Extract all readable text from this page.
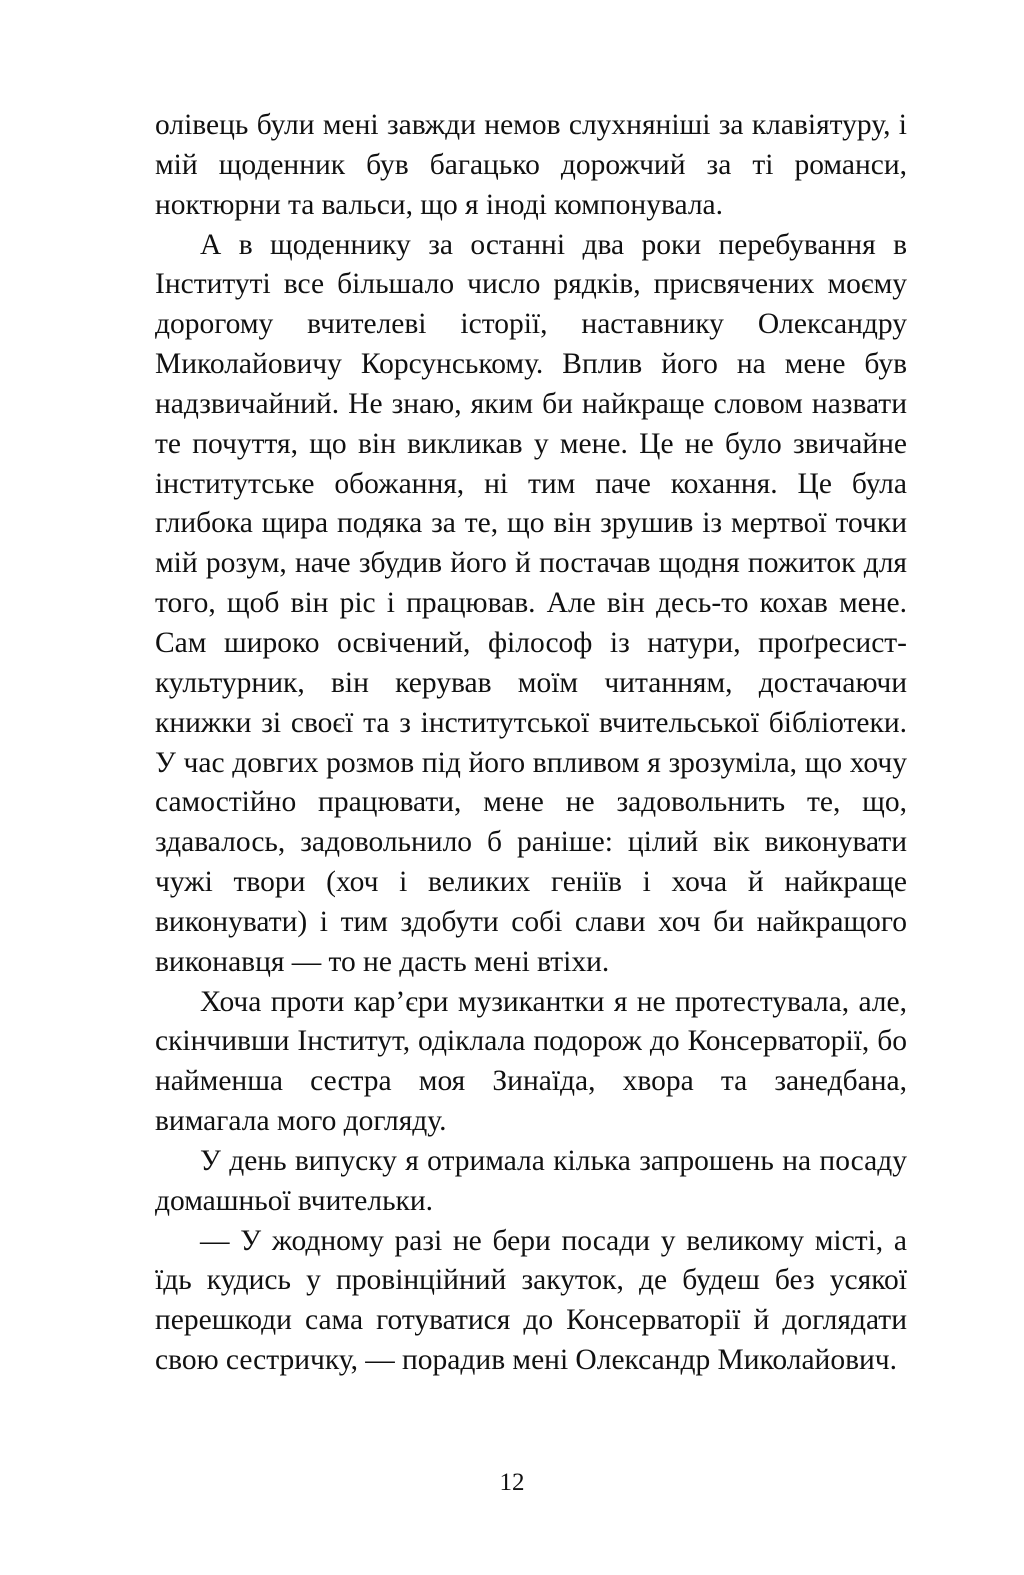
олівець були мені завжди немов слухняніші за клавіятуру, і мій щоденник був багацько дорожчий за ті романси, ноктюрни та вальси, що я іноді компонувала.

А в щоденнику за останні два роки перебування в Інституті все більшало число рядків, присвячених моєму дорогому вчителеві історії, наставнику Олександру Миколайовичу Корсунському. Вплив його на мене був надзвичайний. Не знаю, яким би найкраще словом назвати те почуття, що він викликав у мене. Це не було звичайне інститутське обожання, ні тим паче кохання. Це була глибока щира подяка за те, що він зрушив із мертвої точки мій розум, наче збудив його й постачав щодня пожиток для того, щоб він ріс і працював. Але він десь-то кохав мене. Сам широко освічений, філософ із натури, проґресист-культурник, він керував моїм читанням, достачаючи книжки зі своєї та з інститутської вчительської бібліотеки. У час довгих розмов під його впливом я зрозуміла, що хочу самостійно працювати, мене не задовольнить те, що, здавалось, задовольнило б раніше: цілий вік виконувати чужі твори (хоч і великих геніїв і хоча й найкраще виконувати) і тим здобути собі слави хоч би найкращого виконавця — то не дасть мені втіхи.

Хоча проти кар’єри музикантки я не протестувала, але, скінчивши Інститут, одіклала подорож до Консерваторії, бо найменша сестра моя Зинаїда, хвора та занедбана, вимагала мого догляду.

У день випуску я отримала кілька запрошень на посаду домашньої вчительки.

— У жодному разі не бери посади у великому місті, а їдь кудись у провінційний закуток, де будеш без усякої перешкоди сама готуватися до Консерваторії й доглядати свою сестричку, — порадив мені Олександр Миколайович.

12
